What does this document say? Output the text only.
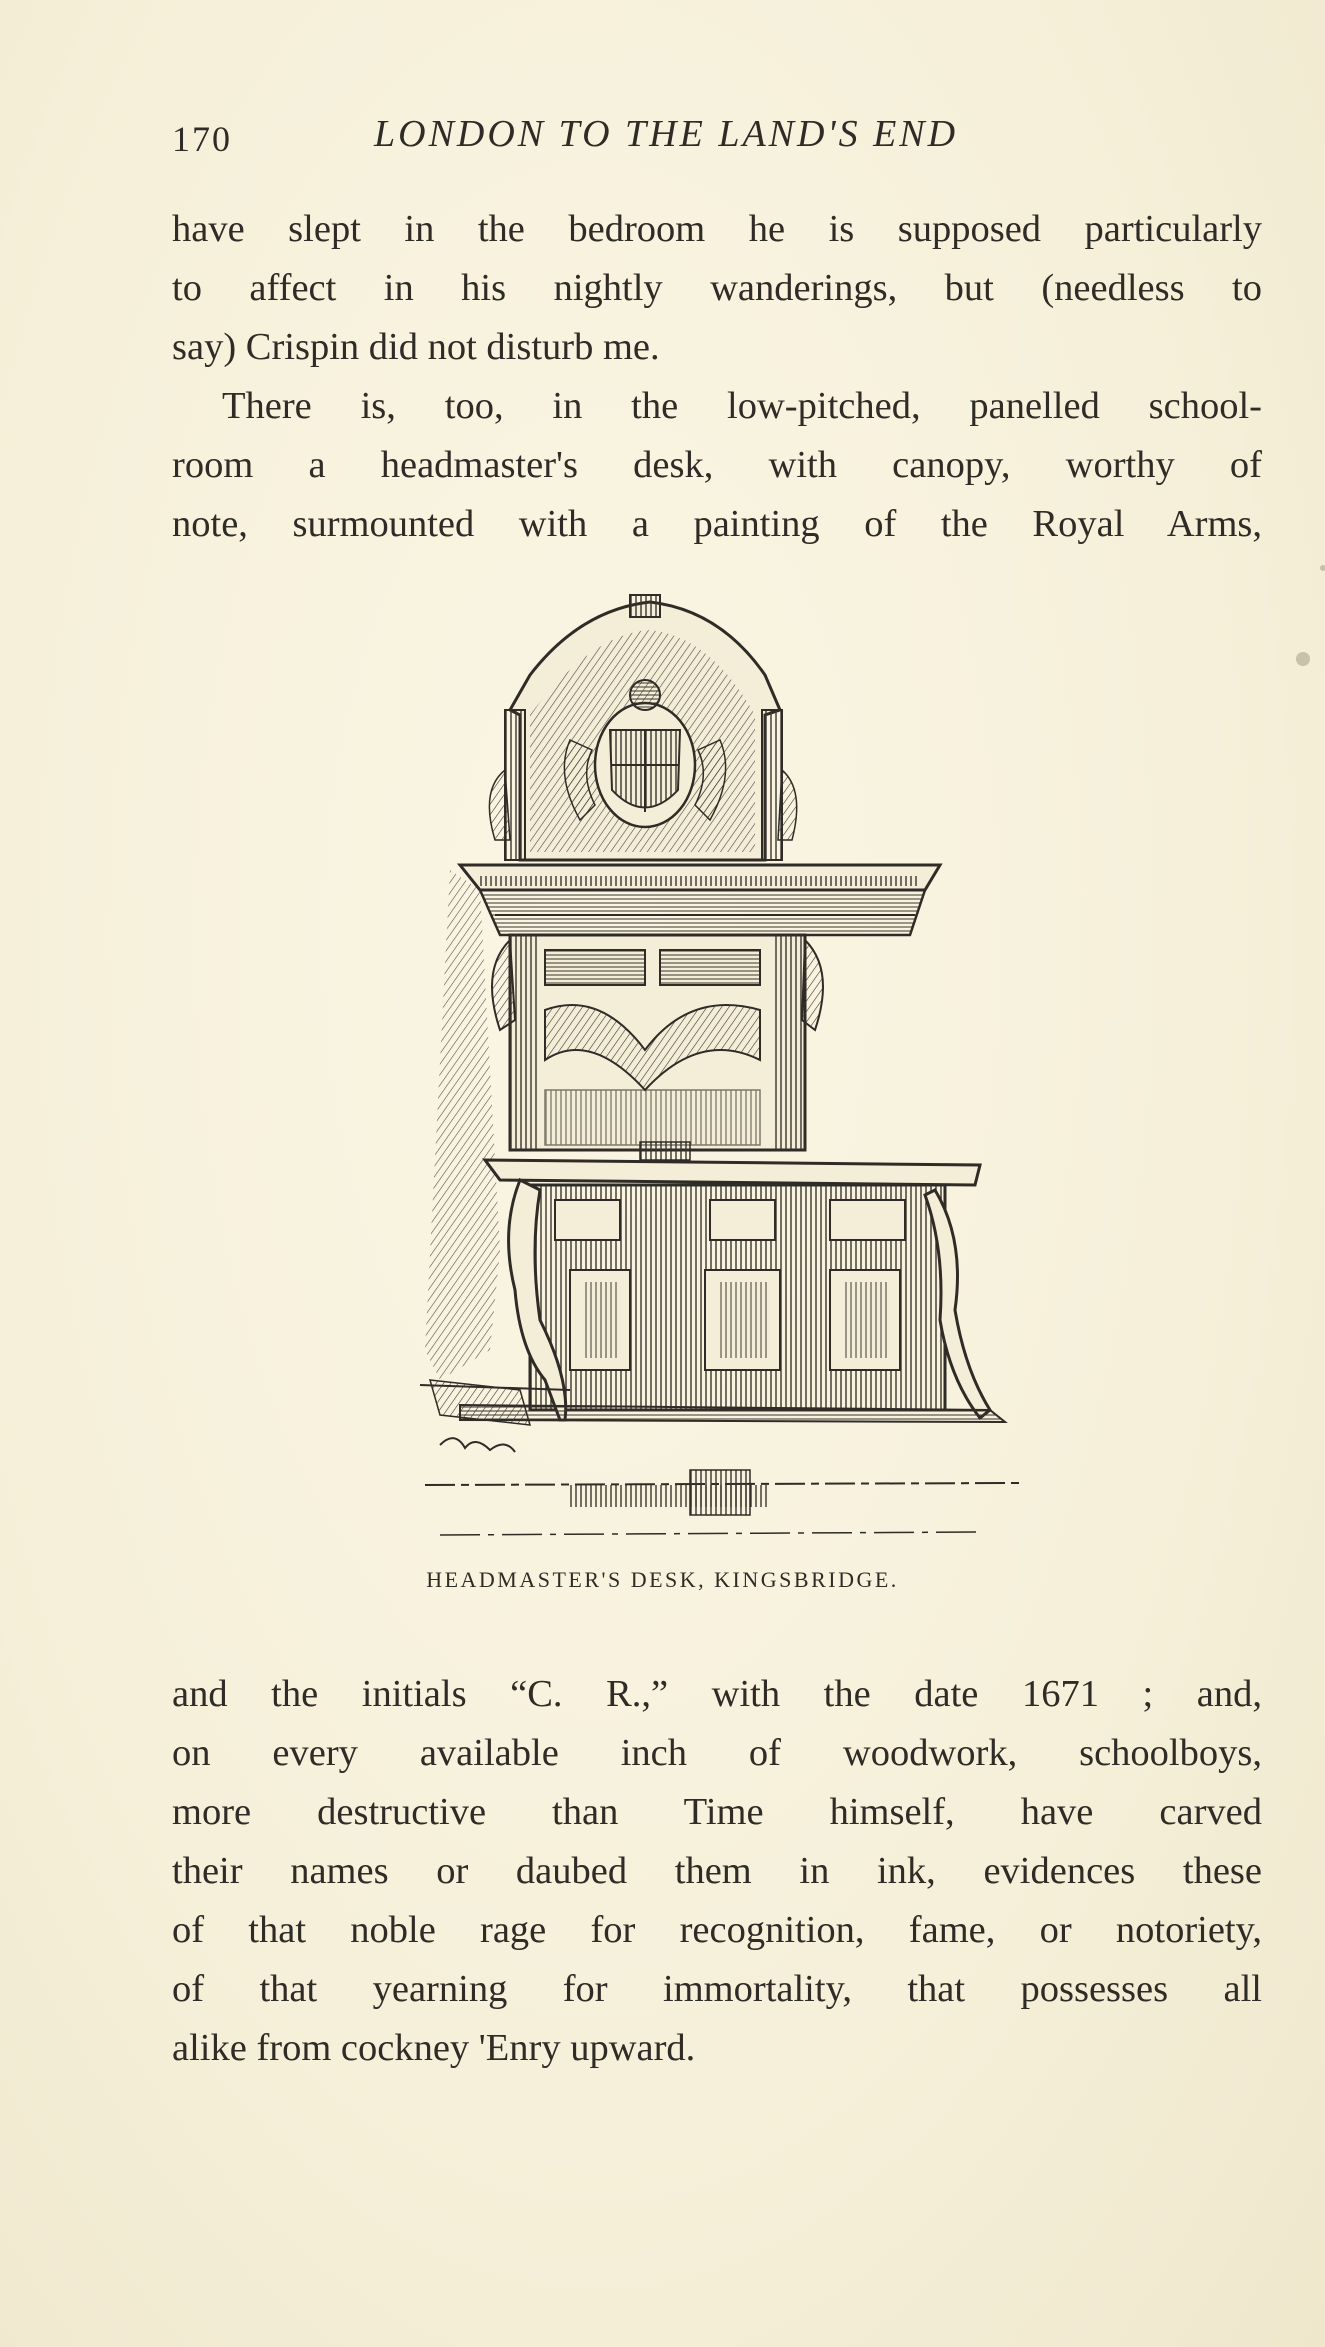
170	LONDON TO THE LAND'S END
have slept in the bedroom he is supposed particularly
to affect in his nightly wanderings, but (needless to
say) Crispin did not disturb me.
There is, too, in the low-pitched, panelled school-
room a headmaster's desk, with canopy, worthy of
note, surmounted with a painting of the Royal Arms,
HEADMASTER'S DESK, KINGSBRIDGE.
and the initials “C. R.,” with the date 1671 ; and,
on every available inch of woodwork, schoolboys,
more destructive than Time himself, have carved
their names or daubed them in ink, evidences these
of that noble rage for recognition, fame, or notoriety,
of that yearning for immortality, that possesses all
alike from cockney 'Enry upward.
